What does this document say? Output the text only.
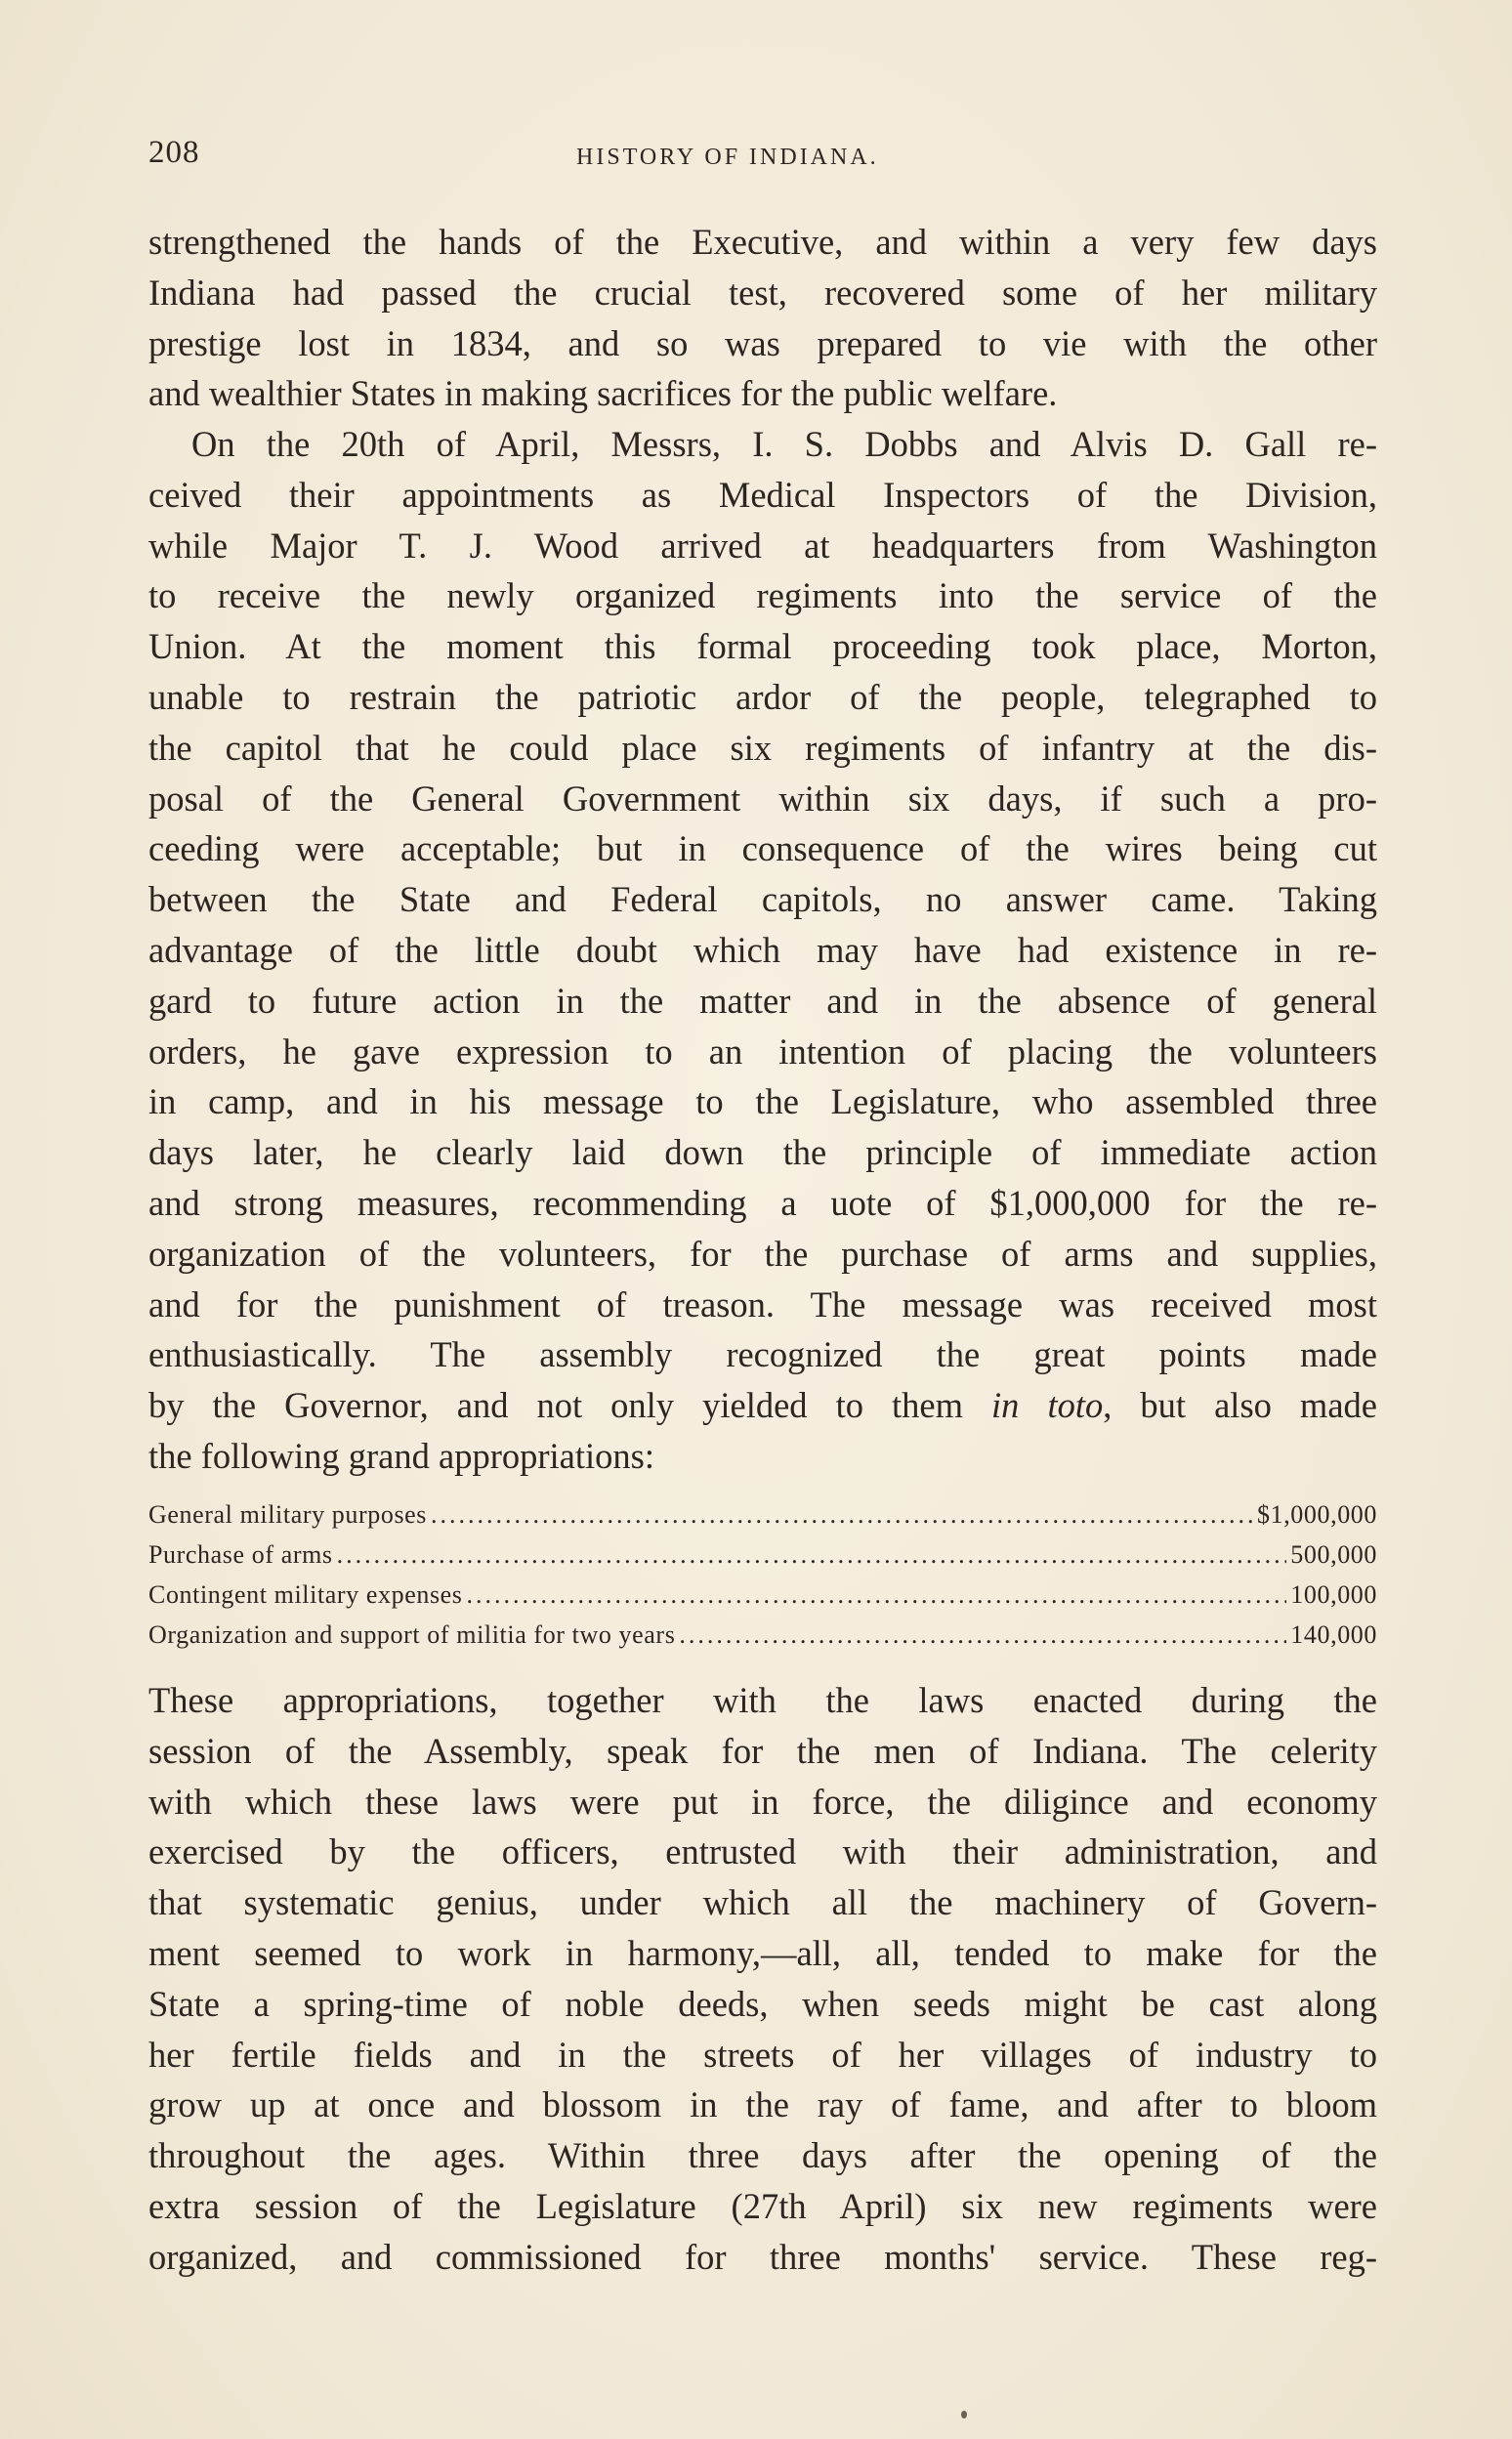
208	HISTORY OF INDIANA.
strengthened the hands of the Executive, and within a very few days
Indiana had passed the crucial test, recovered some of her military
prestige lost in 1834, and so was prepared to vie with the other
and wealthier States in making sacrifices for the public welfare.
On the 20th of April, Messrs, I. S. Dobbs and Alvis D. Gall re-
ceived their appointments as Medical Inspectors of the Division,
while Major T. J. Wood arrived at headquarters from Washington
to receive the newly organized regiments into the service of the
Union. At the moment this formal proceeding took place, Morton,
unable to restrain the patriotic ardor of the people, telegraphed to
the capitol that he could place six regiments of infantry at the dis-
posal of the General Government within six days, if such a pro-
ceeding were acceptable; but in consequence of the wires being cut
between the State and Federal capitols, no answer came. Taking
advantage of the little doubt which may have had existence in re-
gard to future action in the matter and in the absence of general
orders, he gave expression to an intention of placing the volunteers
in camp, and in his message to the Legislature, who assembled three
days later, he clearly laid down the principle of immediate action
and strong measures, recommending a uote of $1,000,000 for the re-
organization of the volunteers, for the purchase of arms and supplies,
and for the punishment of treason. The message was received most
enthusiastically. The assembly recognized the great points made
by the Governor, and not only yielded to them in toto, but also made
the following grand appropriations:
General military purposes .....	$1,000,000
Purchase of arms .....	500,000
Contingent military expenses .....	100,000
Organization and support of militia for two years .....	140,000
These appropriations, together with the laws enacted during the
session of the Assembly, speak for the men of Indiana. The celerity
with which these laws were put in force, the diligince and economy
exercised by the officers, entrusted with their administration, and
that systematic genius, under which all the machinery of Govern-
ment seemed to work in harmony,—all, all, tended to make for the
State a spring-time of noble deeds, when seeds might be cast along
her fertile fields and in the streets of her villages of industry to
grow up at once and blossom in the ray of fame, and after to bloom
throughout the ages. Within three days after the opening of the
extra session of the Legislature (27th April) six new regiments were
organized, and commissioned for three months' service. These reg-
